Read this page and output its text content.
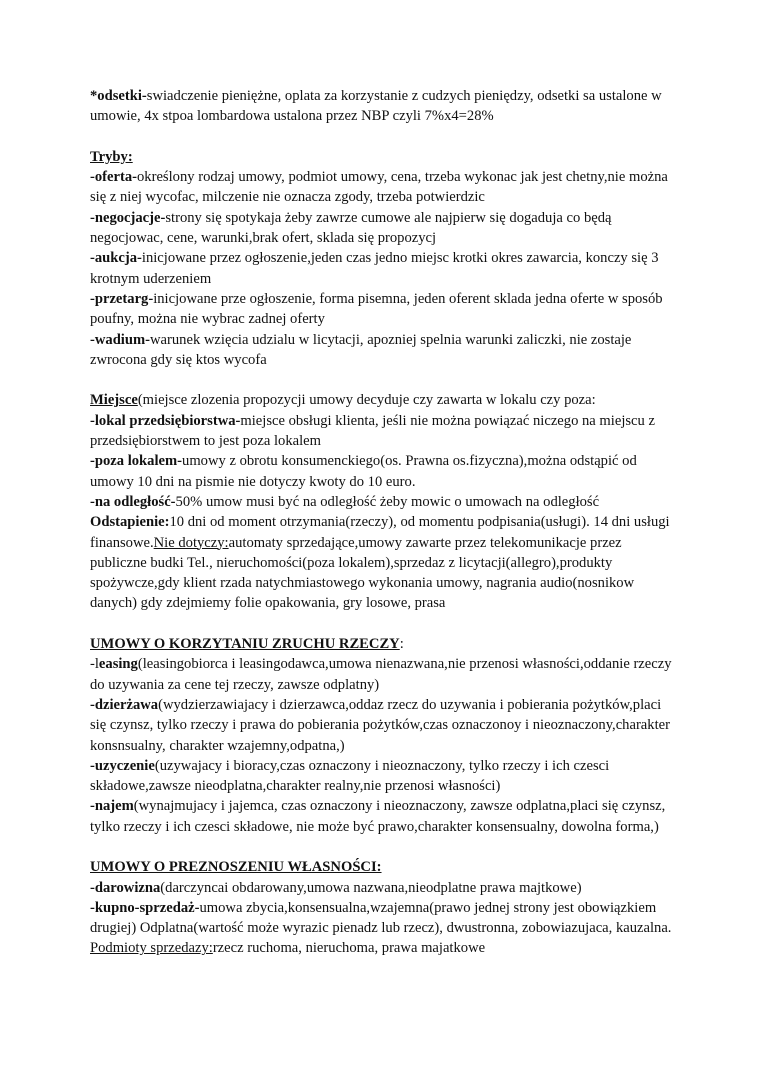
*odsetki-swiadczenie pieniężne, oplata za korzystanie z cudzych pieniędzy, odsetki sa ustalone w umowie, 4x stpoa lombardowa ustalona przez NBP czyli 7%x4=28%

Tryby:

-oferta-określony rodzaj umowy, podmiot umowy, cena, trzeba wykonac jak jest chetny,nie można się z niej wycofac, milczenie nie oznacza zgody, trzeba potwierdzic

-negocjacje-strony się spotykaja żeby zawrze cumowe ale najpierw się dogaduja co będą negocjowac, cene, warunki,brak ofert, sklada się propozycj

-aukcja-inicjowane przez ogłoszenie,jeden czas jedno miejsc krotki okres zawarcia, konczy się 3 krotnym uderzeniem

-przetarg-inicjowane prze ogłoszenie, forma pisemna, jeden oferent sklada jedna oferte w sposób poufny, można nie wybrac zadnej oferty

-wadium-warunek wzięcia udzialu w licytacji, apozniej spelnia warunki zaliczki, nie zostaje zwrocona gdy się ktos wycofa

Miejsce(miejsce zlozenia propozycji umowy decyduje czy zawarta w lokalu czy poza:

-lokal przedsiębiorstwa-miejsce obsługi klienta, jeśli nie można powiązać niczego na miejscu z przedsiębiorstwem to jest poza lokalem

-poza lokalem-umowy z obrotu konsumenckiego(os. Prawna os.fizyczna),można odstąpić od umowy 10 dni na pismie nie dotyczy kwoty do 10 euro.

-na odległość-50% umow musi być na odległość żeby mowic o umowach na odległość

Odstapienie:10 dni od moment otrzymania(rzeczy), od momentu podpisania(usługi). 14 dni usługi finansowe.Nie dotyczy:automaty sprzedające,umowy zawarte przez telekomunikacje przez publiczne budki Tel., nieruchomości(poza lokalem),sprzedaz z licytacji(allegro),produkty spożywcze,gdy klient rzada natychmiastowego wykonania umowy, nagrania audio(nosnikow danych) gdy zdejmiemy folie opakowania, gry losowe, prasa

UMOWY O KORZYTANIU ZRUCHU RZECZY:

-leasing(leasingobiorca i leasingodawca,umowa nienazwana,nie przenosi własności,oddanie rzeczy do uzywania za cene tej rzeczy, zawsze odplatny)

-dzierżawa(wydzierzawiajacy i dzierzawca,oddaz rzecz do uzywania i pobierania pożytków,placi się czynsz, tylko rzeczy i prawa do pobierania pożytków,czas oznaczonoy i nieoznaczony,charakter konsnsualny, charakter wzajemny,odpatna,)

-uzyczenie(uzywajacy i bioracy,czas oznaczony i nieoznaczony, tylko rzeczy i ich czesci składowe,zawsze nieodplatna,charakter realny,nie przenosi własności)

-najem(wynajmujacy i jajemca, czas oznaczony i nieoznaczony, zawsze odplatna,placi się czynsz, tylko rzeczy i ich czesci składowe, nie może być prawo,charakter konsensualny, dowolna forma,)

UMOWY O PREZNOSZENIU WŁASNOŚCI:

-darowizna(darczyncai obdarowany,umowa nazwana,nieodplatne prawa majtkowe)

-kupno-sprzedaż-umowa zbycia,konsensualna,wzajemna(prawo jednej strony jest obowiązkiem drugiej) Odplatna(wartość może wyrazic pienadz lub rzecz), dwustronna, zobowiazujaca, kauzalna. Podmioty sprzedazy:rzecz ruchoma, nieruchoma, prawa majatkowe
